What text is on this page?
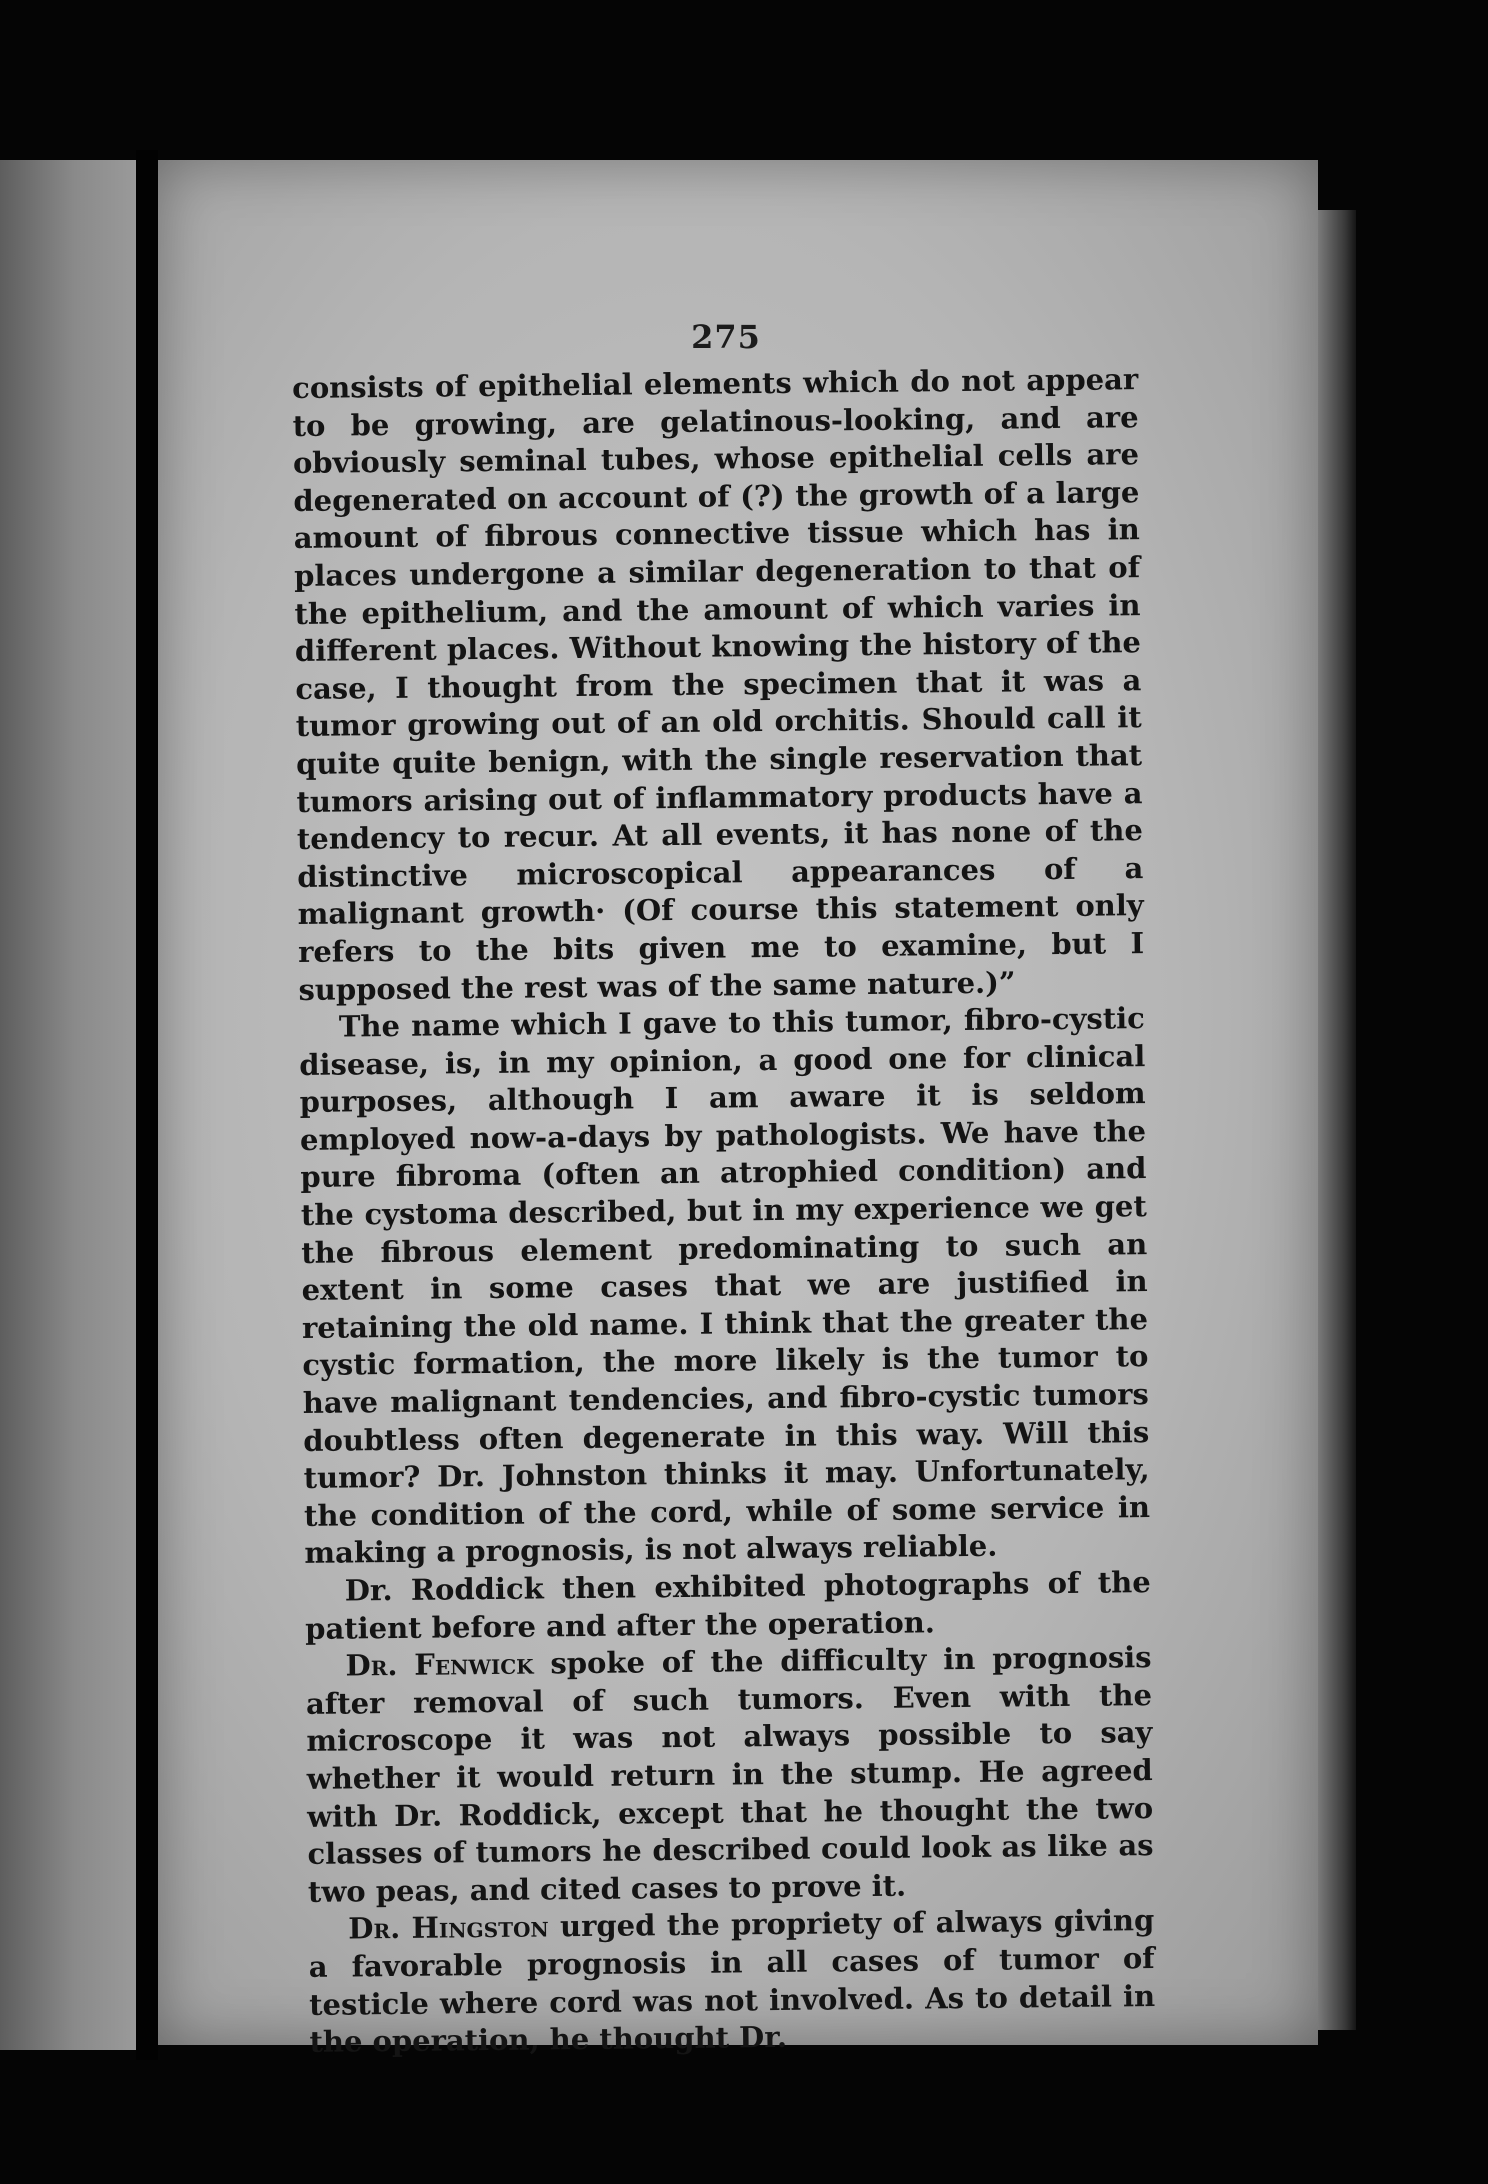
275

consists of epithelial elements which do not appear to be growing, are gelatinous-looking, and are obviously seminal tubes, whose epithelial cells are degenerated on account of (?) the growth of a large amount of fibrous connective tissue which has in places undergone a similar degeneration to that of the epithelium, and the amount of which varies in different places. Without knowing the history of the case, I thought from the specimen that it was a tumor growing out of an old orchitis. Should call it quite quite benign, with the single reservation that tumors arising out of inflammatory products have a tendency to recur. At all events, it has none of the distinctive microscopical appearances of a malignant growth· (Of course this statement only refers to the bits given me to examine, but I supposed the rest was of the same nature.)”

The name which I gave to this tumor, fibro-cystic disease, is, in my opinion, a good one for clinical purposes, although I am aware it is seldom employed now-a-days by pathologists. We have the pure fibroma (often an atrophied condition) and the cystoma described, but in my experience we get the fibrous element predominating to such an extent in some cases that we are justified in retaining the old name. I think that the greater the cystic formation, the more likely is the tumor to have malignant tendencies, and fibro-cystic tumors doubtless often degenerate in this way. Will this tumor? Dr. Johnston thinks it may. Unfortunately, the condition of the cord, while of some service in making a prognosis, is not always reliable.

Dr. Roddick then exhibited photographs of the patient before and after the operation.

Dr. Fenwick spoke of the difficulty in prognosis after removal of such tumors. Even with the microscope it was not always possible to say whether it would return in the stump. He agreed with Dr. Roddick, except that he thought the two classes of tumors he described could look as like as two peas, and cited cases to prove it.

Dr. Hingston urged the propriety of always giving a favorable prognosis in all cases of tumor of testicle where cord was not involved. As to detail in the operation, he thought Dr.
